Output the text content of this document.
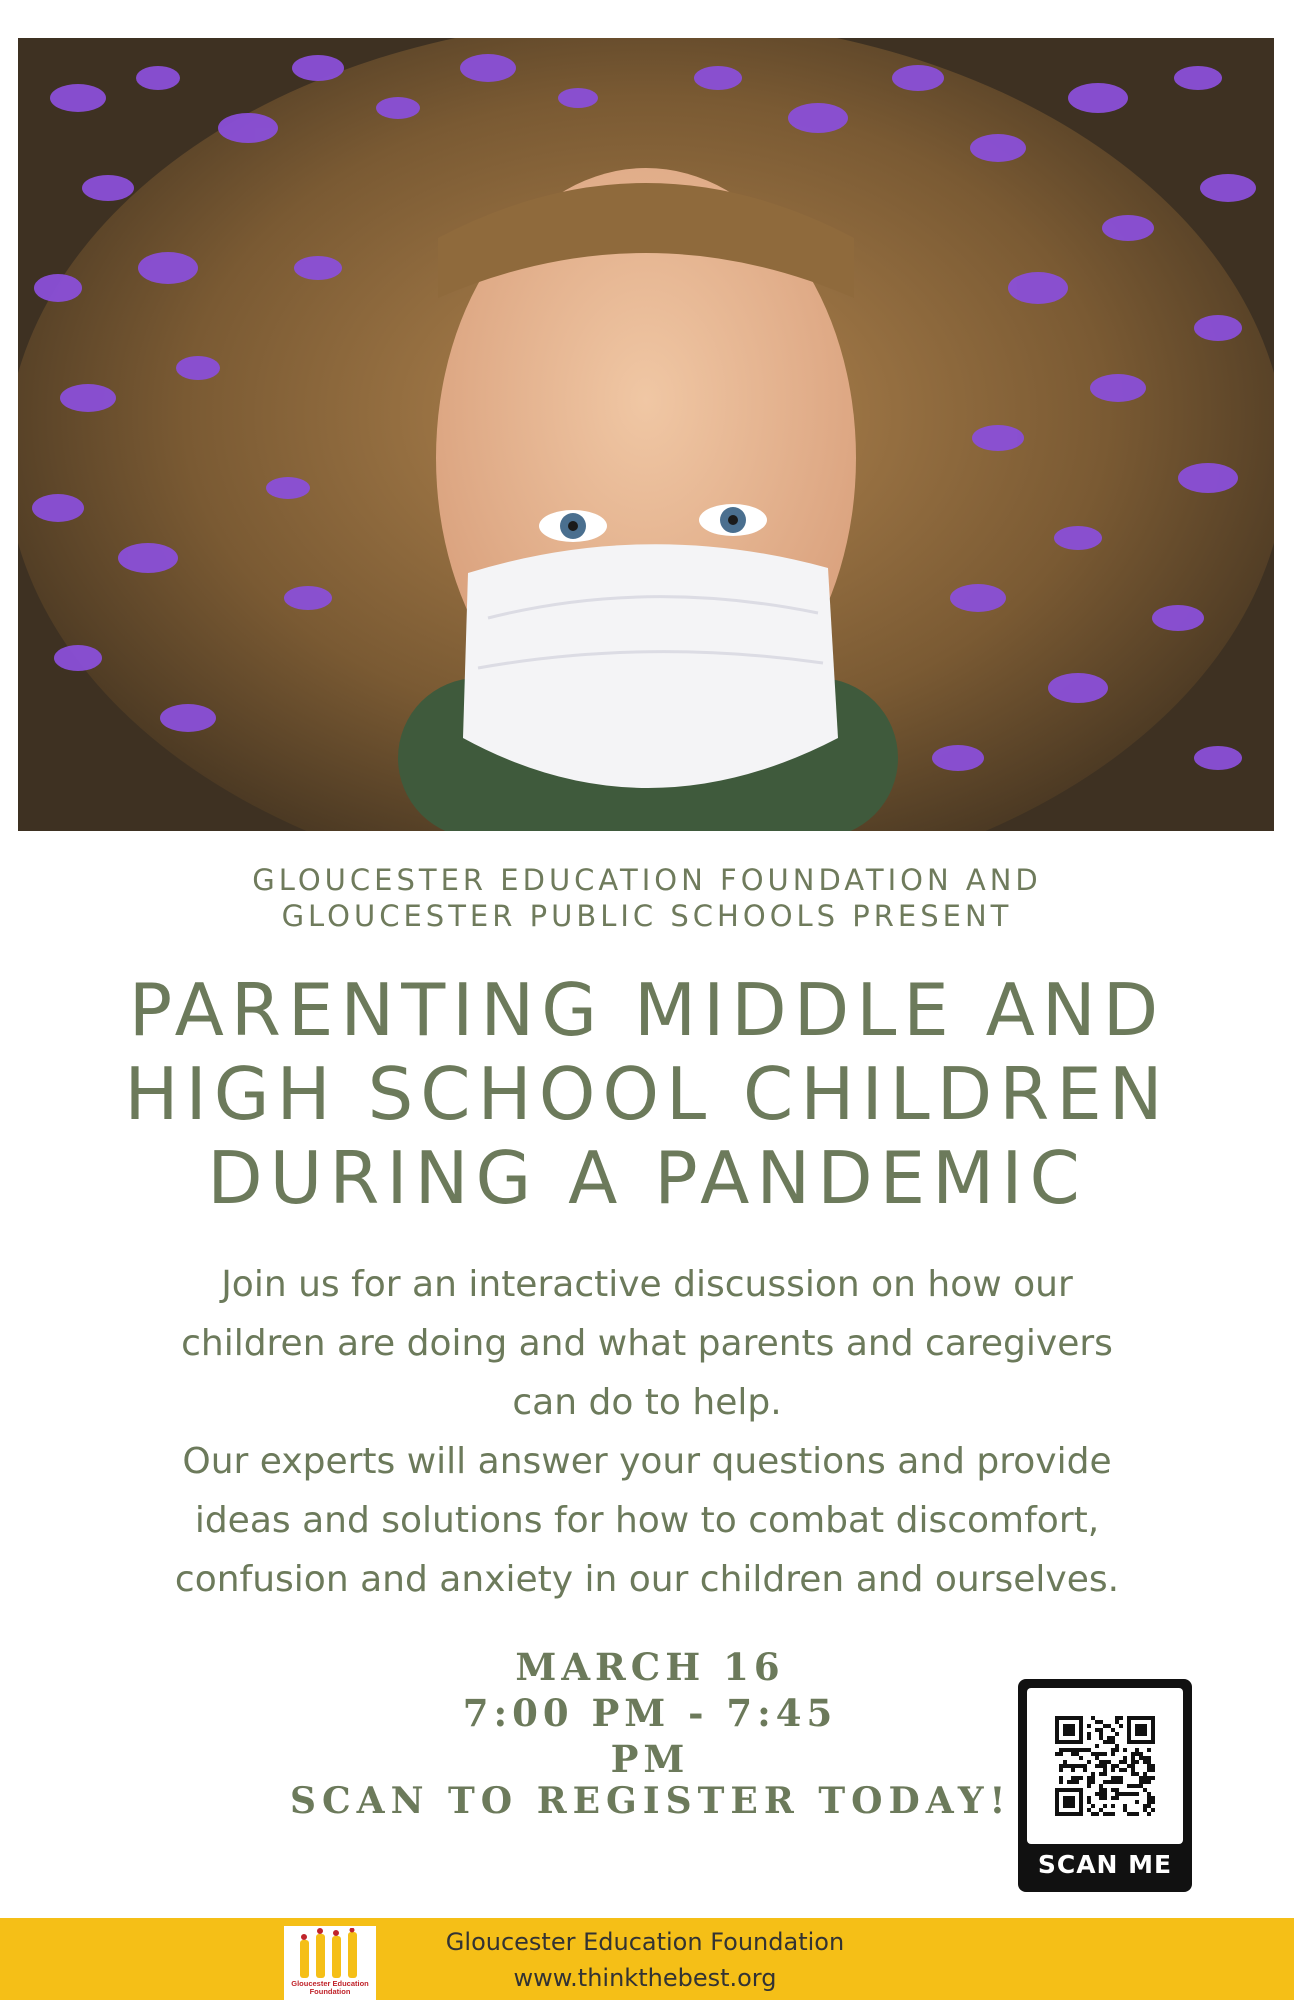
GLOUCESTER EDUCATION FOUNDATION AND
GLOUCESTER PUBLIC SCHOOLS PRESENT
PARENTING MIDDLE AND
HIGH SCHOOL CHILDREN
DURING A PANDEMIC
Join us for an interactive discussion on how our
children are doing and what parents and caregivers
can do to help.
Our experts will answer your questions and provide
ideas and solutions for how to combat discomfort,
confusion and anxiety in our children and ourselves.
MARCH 16
7:00 PM - 7:45 PM
SCAN TO REGISTER TODAY!
SCAN ME
Gloucester Education
Foundation
Gloucester Education Foundation
www.thinkthebest.org
